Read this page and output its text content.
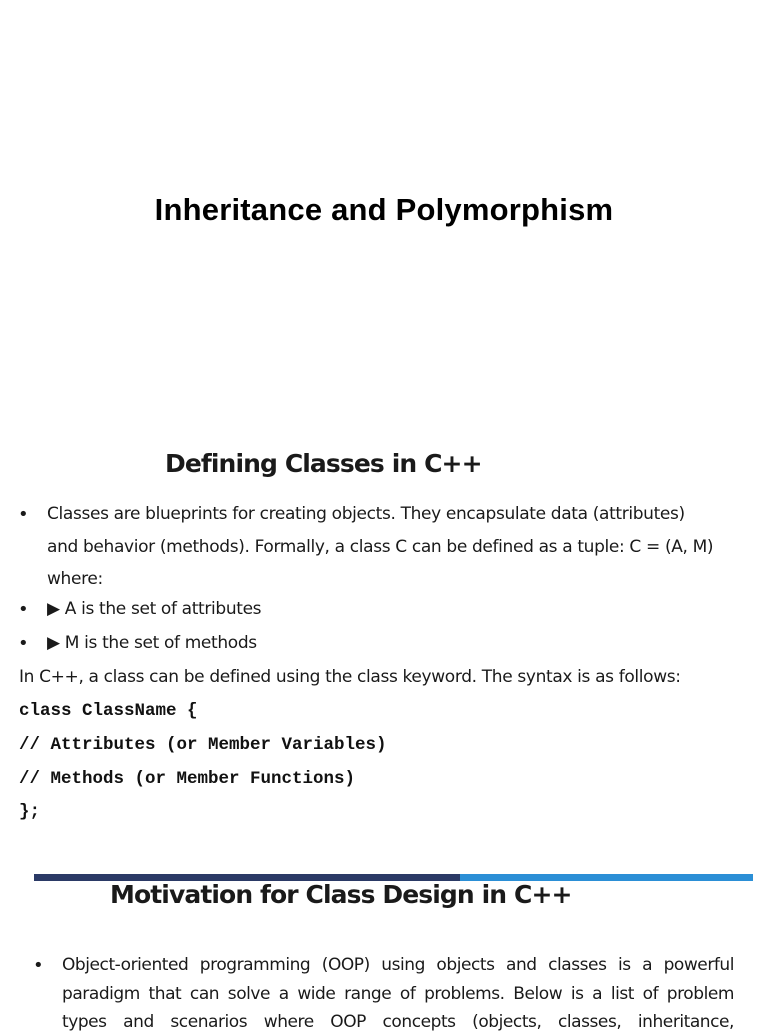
Inheritance and Polymorphism
Defining Classes in C++
• Classes are blueprints for creating objects. They encapsulate data (attributes)
and behavior (methods). Formally, a class C can be defined as a tuple: C = (A, M)
where:
• ▶ A is the set of attributes
• ▶ M is the set of methods
In C++, a class can be defined using the class keyword. The syntax is as follows:
class ClassName {
// Attributes (or Member Variables)
// Methods (or Member Functions)
};
Motivation for Class Design in C++
• Object-oriented programming (OOP) using objects and classes is a powerful
paradigm that can solve a wide range of problems. Below is a list of problem
types and scenarios where OOP concepts (objects, classes, inheritance,
